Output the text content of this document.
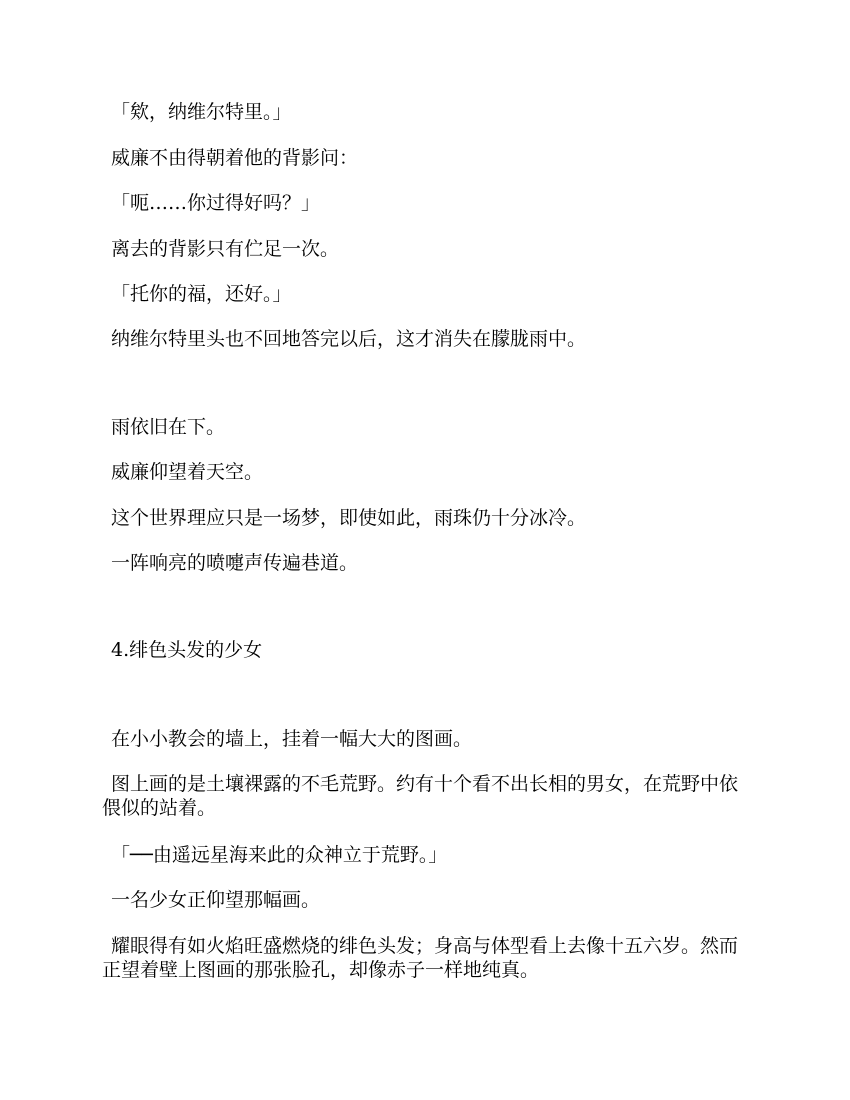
「欸，纳维尔特里。」

威廉不由得朝着他的背影问：

「呃……你过得好吗？」

离去的背影只有伫足一次。

「托你的福，还好。」

纳维尔特里头也不回地答完以后，这才消失在朦胧雨中。

雨依旧在下。

威廉仰望着天空。

这个世界理应只是一场梦，即使如此，雨珠仍十分冰冷。

一阵响亮的喷嚏声传遍巷道。

4.绯色头发的少女

在小小教会的墙上，挂着一幅大大的图画。

图上画的是土壤裸露的不毛荒野。约有十个看不出长相的男女，在荒野中依偎似的站着。

「──由遥远星海来此的众神立于荒野。」

一名少女正仰望那幅画。

耀眼得有如火焰旺盛燃烧的绯色头发；身高与体型看上去像十五六岁。然而正望着壁上图画的那张脸孔，却像赤子一样地纯真。
